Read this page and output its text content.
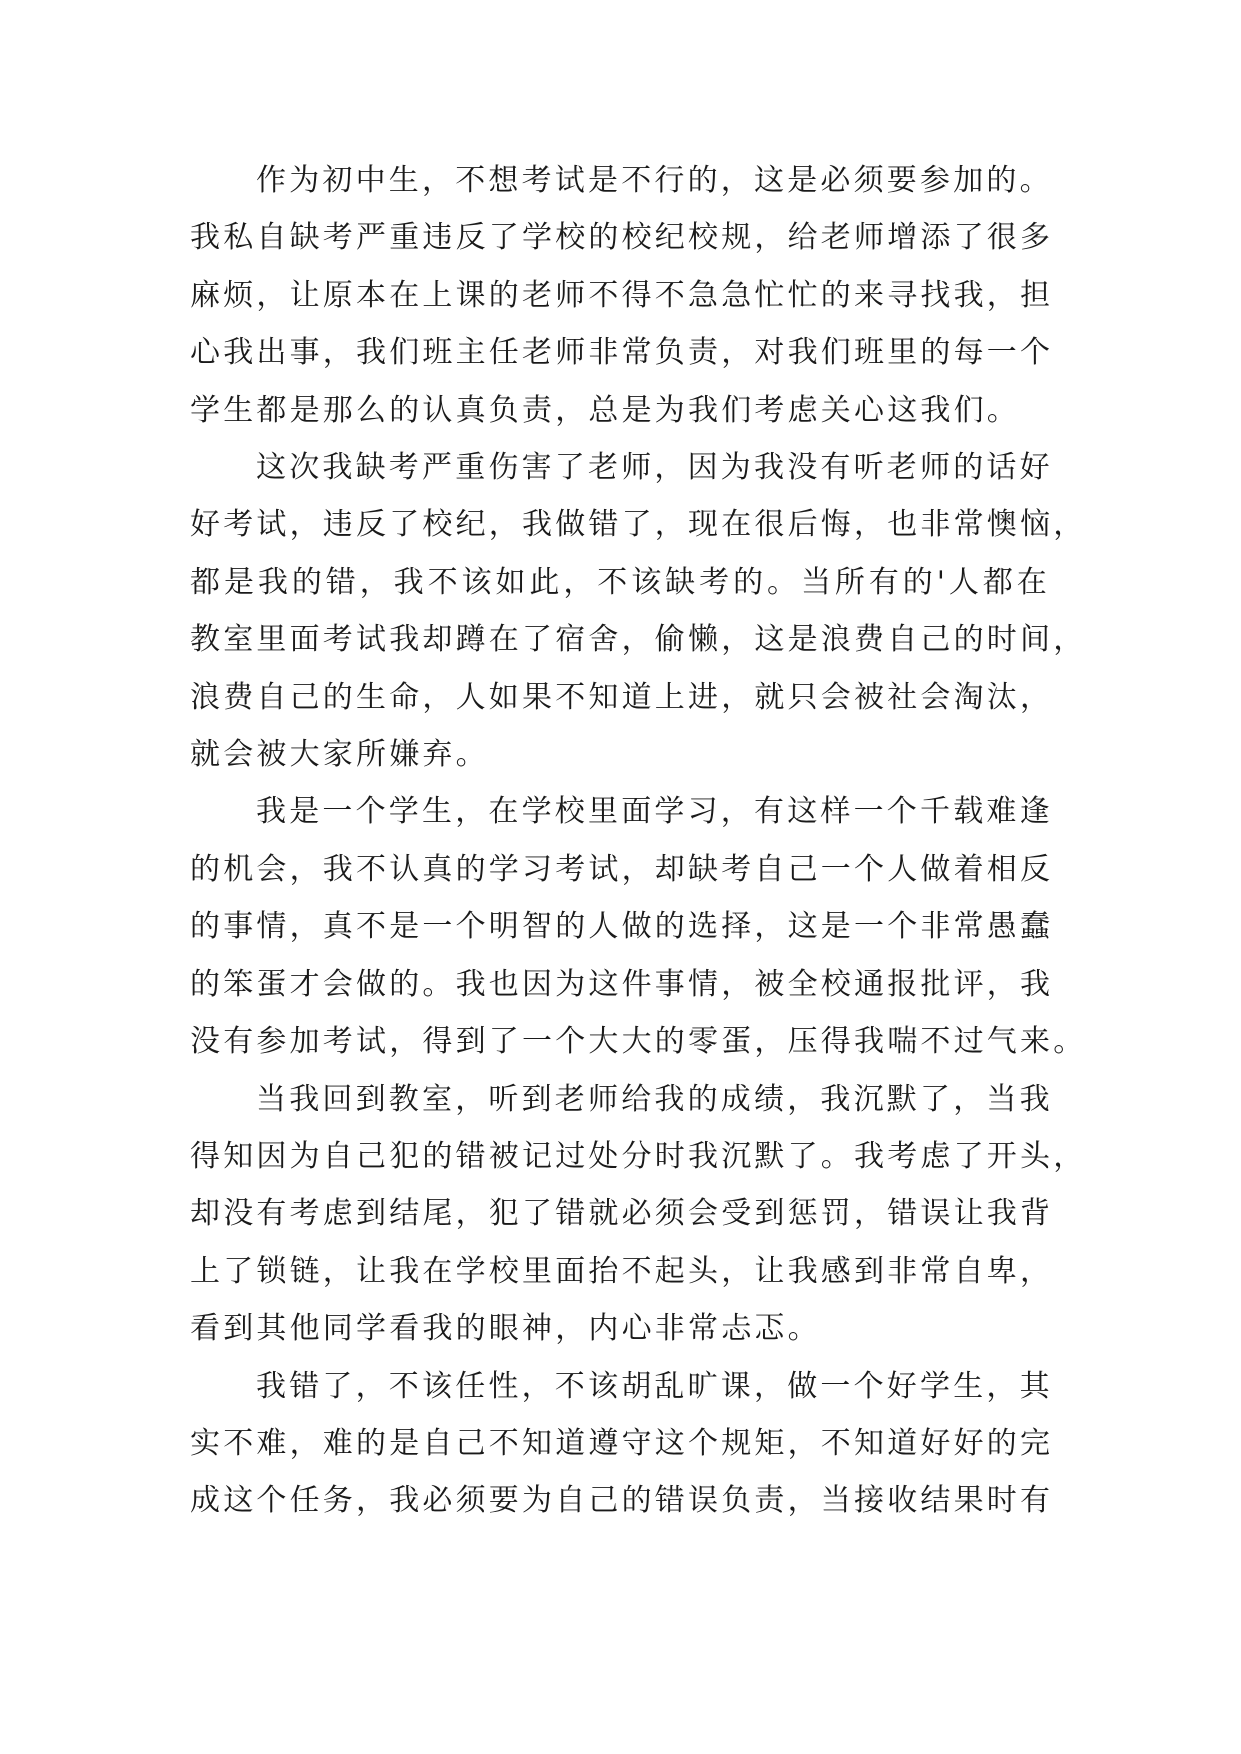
作为初中生，不想考试是不行的，这是必须要参加的。
我私自缺考严重违反了学校的校纪校规，给老师增添了很多
麻烦，让原本在上课的老师不得不急急忙忙的来寻找我，担
心我出事，我们班主任老师非常负责，对我们班里的每一个
学生都是那么的认真负责，总是为我们考虑关心这我们。

这次我缺考严重伤害了老师，因为我没有听老师的话好
好考试，违反了校纪，我做错了，现在很后悔，也非常懊恼，
都是我的错，我不该如此，不该缺考的。当所有的'人都在
教室里面考试我却蹲在了宿舍，偷懒，这是浪费自己的时间，
浪费自己的生命，人如果不知道上进，就只会被社会淘汰，
就会被大家所嫌弃。

我是一个学生，在学校里面学习，有这样一个千载难逢
的机会，我不认真的学习考试，却缺考自己一个人做着相反
的事情，真不是一个明智的人做的选择，这是一个非常愚蠢
的笨蛋才会做的。我也因为这件事情，被全校通报批评，我
没有参加考试，得到了一个大大的零蛋，压得我喘不过气来。

当我回到教室，听到老师给我的成绩，我沉默了，当我
得知因为自己犯的错被记过处分时我沉默了。我考虑了开头，
却没有考虑到结尾，犯了错就必须会受到惩罚，错误让我背
上了锁链，让我在学校里面抬不起头，让我感到非常自卑，
看到其他同学看我的眼神，内心非常忐忑。

我错了，不该任性，不该胡乱旷课，做一个好学生，其
实不难，难的是自己不知道遵守这个规矩，不知道好好的完
成这个任务，我必须要为自己的错误负责，当接收结果时有
